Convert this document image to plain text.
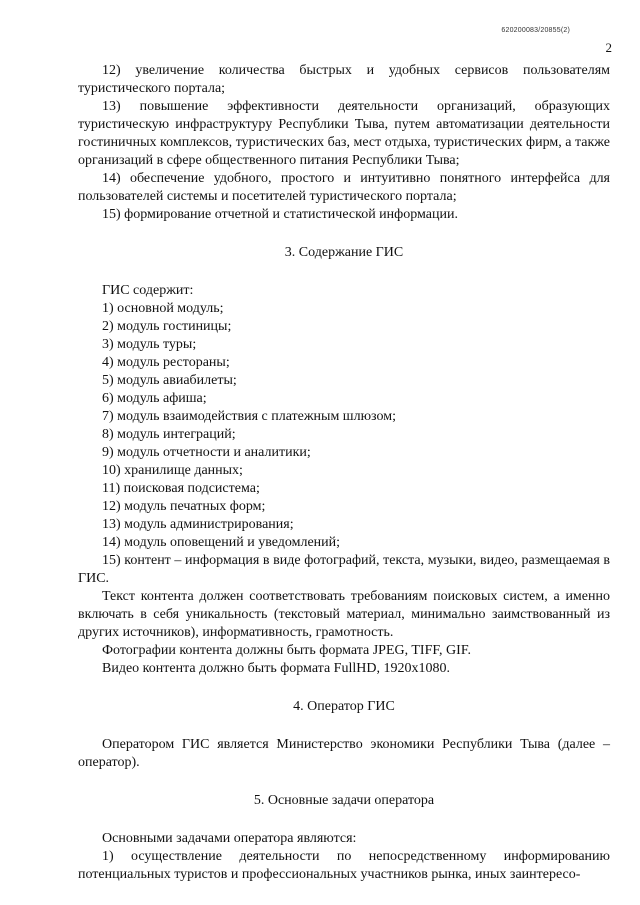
620200083/20855(2)
2

12) увеличение количества быстрых и удобных сервисов пользователям туристического портала;

13) повышение эффективности деятельности организаций, образующих туристическую инфраструктуру Республики Тыва, путем автоматизации деятельности гостиничных комплексов, туристических баз, мест отдыха, туристических фирм, а также организаций в сфере общественного питания Республики Тыва;

14) обеспечение удобного, простого и интуитивно понятного интерфейса для пользователей системы и посетителей туристического портала;

15) формирование отчетной и статистической информации.

3. Содержание ГИС

ГИС содержит:

1) основной модуль;

2) модуль гостиницы;

3) модуль туры;

4) модуль рестораны;

5) модуль авиабилеты;

6) модуль афиша;

7) модуль взаимодействия с платежным шлюзом;

8) модуль интеграций;

9) модуль отчетности и аналитики;

10) хранилище данных;

11) поисковая подсистема;

12) модуль печатных форм;

13) модуль администрирования;

14) модуль оповещений и уведомлений;

15) контент – информация в виде фотографий, текста, музыки, видео, размещаемая в ГИС.

Текст контента должен соответствовать требованиям поисковых систем, а именно включать в себя уникальность (текстовый материал, минимально заимствованный из других источников), информативность, грамотность.

Фотографии контента должны быть формата JPEG, TIFF, GIF.

Видео контента должно быть формата FullHD, 1920x1080.

4. Оператор ГИС

Оператором ГИС является Министерство экономики Республики Тыва (далее – оператор).

5. Основные задачи оператора

Основными задачами оператора являются:

1) осуществление деятельности по непосредственному информированию потенциальных туристов и профессиональных участников рынка, иных заинтересо-
